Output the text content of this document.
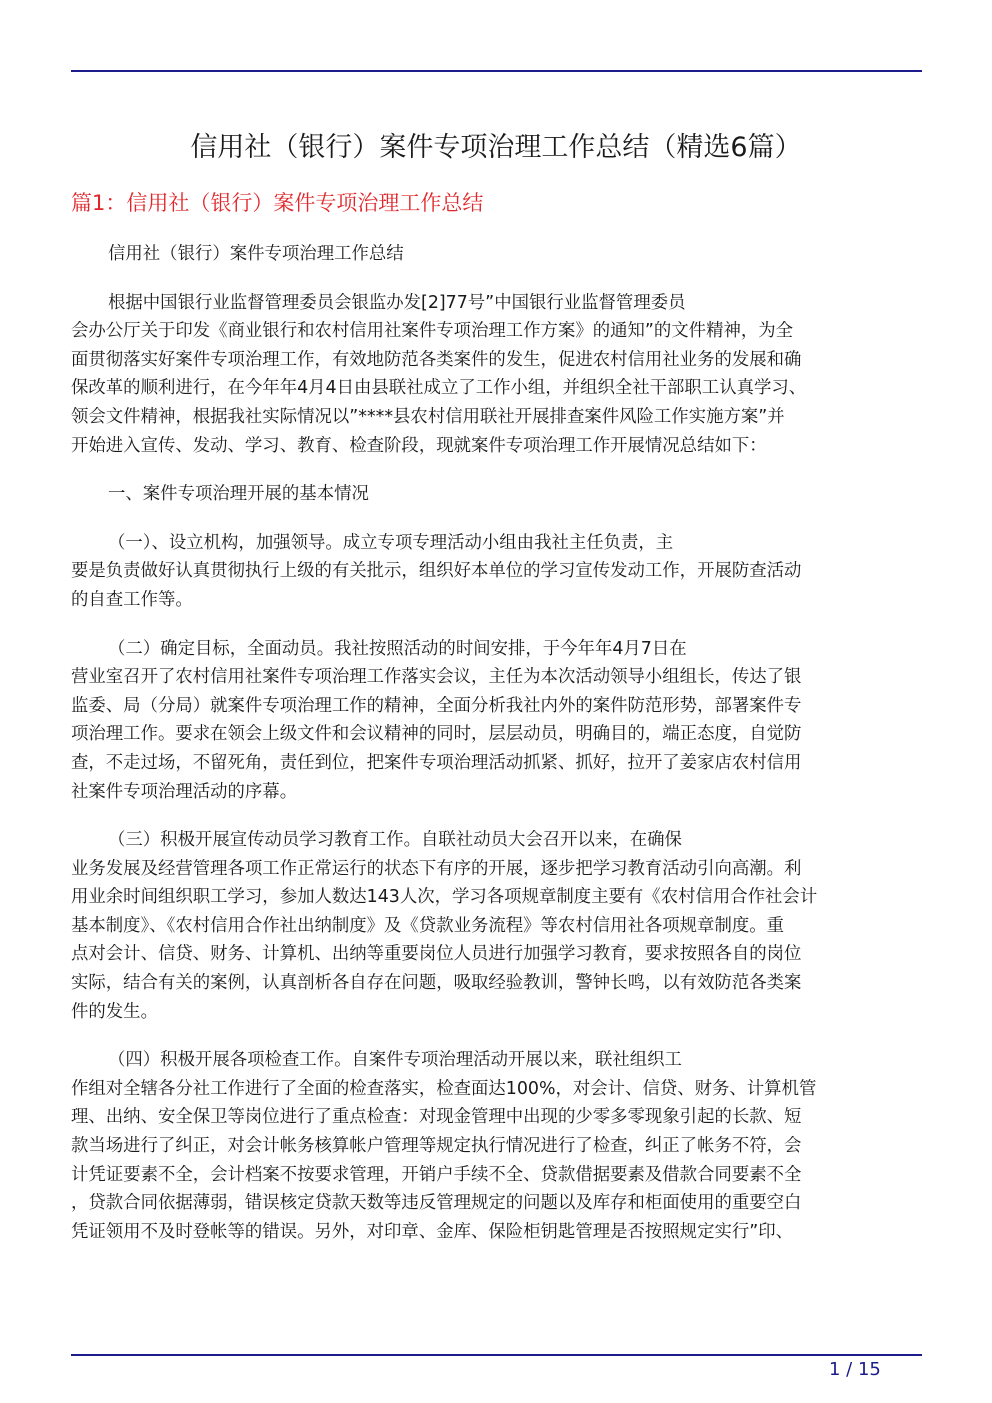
信用社（银行）案件专项治理工作总结（精选6篇）
篇1：信用社（银行）案件专项治理工作总结
信用社（银行）案件专项治理工作总结
根据中国银行业监督管理委员会银监办发[2]77号”中国银行业监督管理委员
会办公厅关于印发《商业银行和农村信用社案件专项治理工作方案》的通知”的文件精神，为全
面贯彻落实好案件专项治理工作，有效地防范各类案件的发生，促进农村信用社业务的发展和确
保改革的顺利进行，在今年年4月4日由县联社成立了工作小组，并组织全社干部职工认真学习、
领会文件精神，根据我社实际情况以”****县农村信用联社开展排查案件风险工作实施方案”并
开始进入宣传、发动、学习、教育、检查阶段，现就案件专项治理工作开展情况总结如下：
一、案件专项治理开展的基本情况
（一）、设立机构，加强领导。成立专项专理活动小组由我社主任负责，主
要是负责做好认真贯彻执行上级的有关批示，组织好本单位的学习宣传发动工作，开展防查活动
的自查工作等。
（二）确定目标，全面动员。我社按照活动的时间安排，于今年年4月7日在
营业室召开了农村信用社案件专项治理工作落实会议，主任为本次活动领导小组组长，传达了银
监委、局（分局）就案件专项治理工作的精神，全面分析我社内外的案件防范形势，部署案件专
项治理工作。要求在领会上级文件和会议精神的同时，层层动员，明确目的，端正态度，自觉防
查，不走过场，不留死角，责任到位，把案件专项治理活动抓紧、抓好，拉开了姜家店农村信用
社案件专项治理活动的序幕。
（三）积极开展宣传动员学习教育工作。自联社动员大会召开以来，在确保
业务发展及经营管理各项工作正常运行的状态下有序的开展，逐步把学习教育活动引向高潮。利
用业余时间组织职工学习，参加人数达143人次，学习各项规章制度主要有《农村信用合作社会计
基本制度》、《农村信用合作社出纳制度》及《贷款业务流程》等农村信用社各项规章制度。重
点对会计、信贷、财务、计算机、出纳等重要岗位人员进行加强学习教育，要求按照各自的岗位
实际，结合有关的案例，认真剖析各自存在问题，吸取经验教训，警钟长鸣，以有效防范各类案
件的发生。
（四）积极开展各项检查工作。自案件专项治理活动开展以来，联社组织工
作组对全辖各分社工作进行了全面的检查落实，检查面达100%，对会计、信贷、财务、计算机管
理、出纳、安全保卫等岗位进行了重点检查：对现金管理中出现的少零多零现象引起的长款、短
款当场进行了纠正，对会计帐务核算帐户管理等规定执行情况进行了检查，纠正了帐务不符，会
计凭证要素不全，会计档案不按要求管理，开销户手续不全、贷款借据要素及借款合同要素不全
，贷款合同依据薄弱，错误核定贷款天数等违反管理规定的问题以及库存和柜面使用的重要空白
凭证领用不及时登帐等的错误。另外，对印章、金库、保险柜钥匙管理是否按照规定实行”印、
1 / 15
